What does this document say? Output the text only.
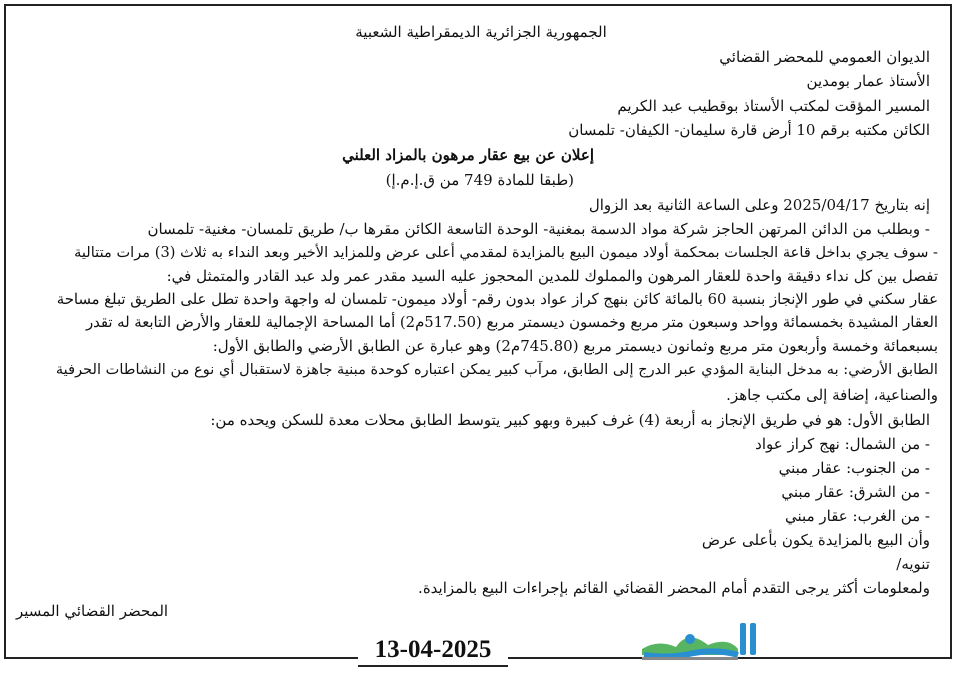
الجمهورية الجزائرية الديمقراطية الشعبية
الديوان العمومي للمحضر القضائي
الأستاذ عمار بومدين
المسير المؤقت لمكتب الأستاذ بوقطيب عبد الكريم
الكائن مكتبه برقم 10 أرض قارة سليمان- الكيفان- تلمسان
إعلان عن بيع عقار مرهون بالمزاد العلني
(طبقا للمادة 749 من ق.إ.م.إ)
إنه بتاريخ 2025/04/17 وعلى الساعة الثانية بعد الزوال
- وبطلب من الدائن المرتهن الحاجز شركة مواد الدسمة بمغنية- الوحدة التاسعة الكائن مقرها ب/ طريق تلمسان- مغنية- تلمسان
- سوف يجري بداخل قاعة الجلسات بمحكمة أولاد ميمون البيع بالمزايدة لمقدمي أعلى عرض وللمزايد الأخير وبعد النداء به ثلاث (3) مرات متتالية
تفصل بين كل نداء دقيقة واحدة للعقار المرهون والمملوك للمدين المحجوز عليه السيد مقدر عمر ولد عبد القادر والمتمثل في:
عقار سكني في طور الإنجاز بنسبة 60 بالمائة كائن بنهج كراز عواد بدون رقم- أولاد ميمون- تلمسان له واجهة واحدة تطل على الطريق تبلغ مساحة
العقار المشيدة بخمسمائة وواحد وسبعون متر مربع وخمسون ديسمتر مربع (517.50م2) أما المساحة الإجمالية للعقار والأرض التابعة له تقدر
بسبعمائة وخمسة وأربعون متر مربع وثمانون ديسمتر مربع (745.80م2) وهو عبارة عن الطابق الأرضي والطابق الأول:
الطابق الأرضي: به مدخل البناية المؤدي عبر الدرج إلى الطابق، مرآب كبير يمكن اعتباره كوحدة مبنية جاهزة لاستقبال أي نوع من النشاطات الحرفية
والصناعية، إضافة إلى مكتب جاهز.
الطابق الأول: هو في طريق الإنجاز به أربعة (4) غرف كبيرة وبهو كبير يتوسط الطابق محلات معدة للسكن ويحده من:
- من الشمال: نهج كراز عواد
- من الجنوب: عقار مبني
- من الشرق: عقار مبني
- من الغرب: عقار مبني
وأن البيع بالمزايدة يكون بأعلى عرض
تنويه/
ولمعلومات أكثر يرجى التقدم أمام المحضر القضائي القائم بإجراءات البيع بالمزايدة.
المحضر القضائي المسير
13-04-2025
